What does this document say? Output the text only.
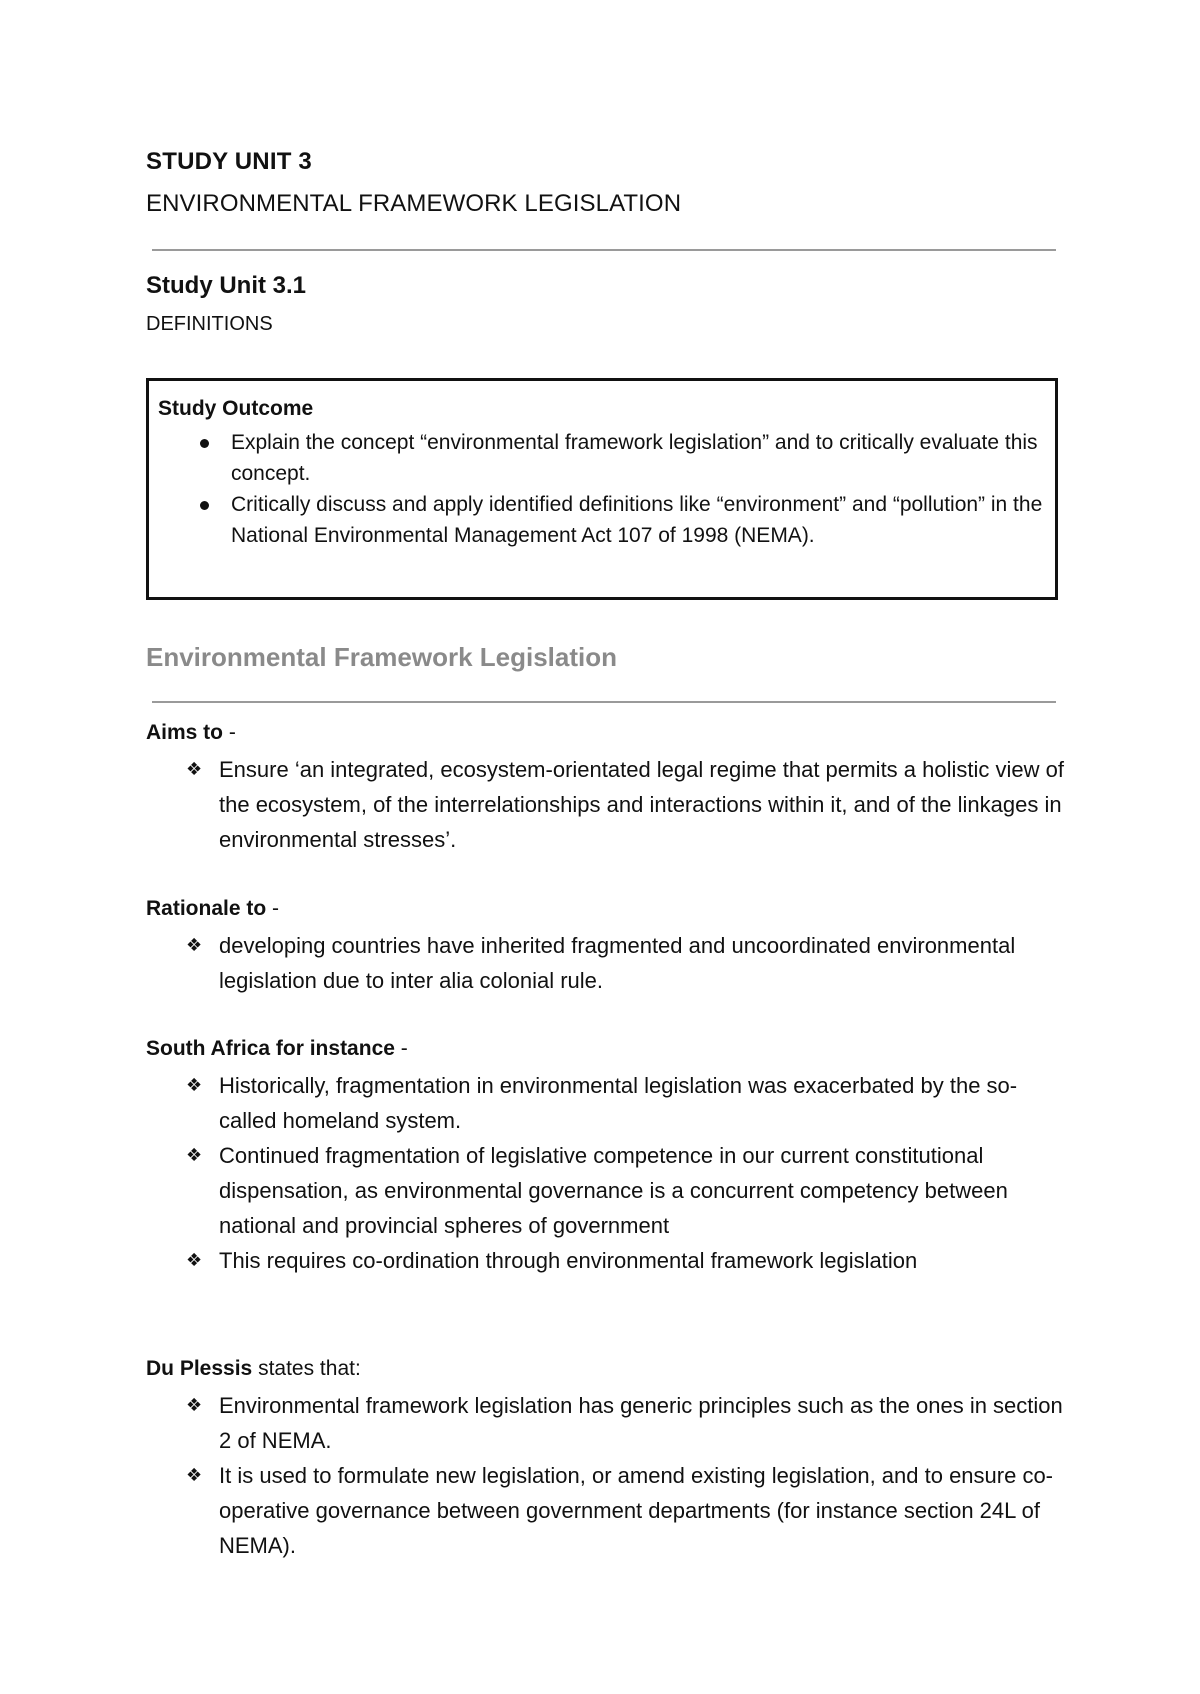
STUDY UNIT 3
ENVIRONMENTAL FRAMEWORK LEGISLATION
Study Unit 3.1
DEFINITIONS
Study Outcome
Explain the concept “environmental framework legislation” and to critically evaluate this concept.
Critically discuss and apply identified definitions like “environment” and “pollution” in the National Environmental Management Act 107 of 1998 (NEMA).
Environmental Framework Legislation

Aims to -

❖ Ensure ‘an integrated, ecosystem-orientated legal regime that permits a holistic view of the ecosystem, of the interrelationships and interactions within it, and of the linkages in environmental stresses’.

Rationale to -

❖ developing countries have inherited fragmented and uncoordinated environmental legislation due to inter alia colonial rule.

South Africa for instance -

❖ Historically, fragmentation in environmental legislation was exacerbated by the so-called homeland system.
❖ Continued fragmentation of legislative competence in our current constitutional dispensation, as environmental governance is a concurrent competency between national and provincial spheres of government
❖ This requires co-ordination through environmental framework legislation

Du Plessis states that:

❖ Environmental framework legislation has generic principles such as the ones in section 2 of NEMA.
❖ It is used to formulate new legislation, or amend existing legislation, and to ensure co-operative governance between government departments (for instance section 24L of NEMA).
